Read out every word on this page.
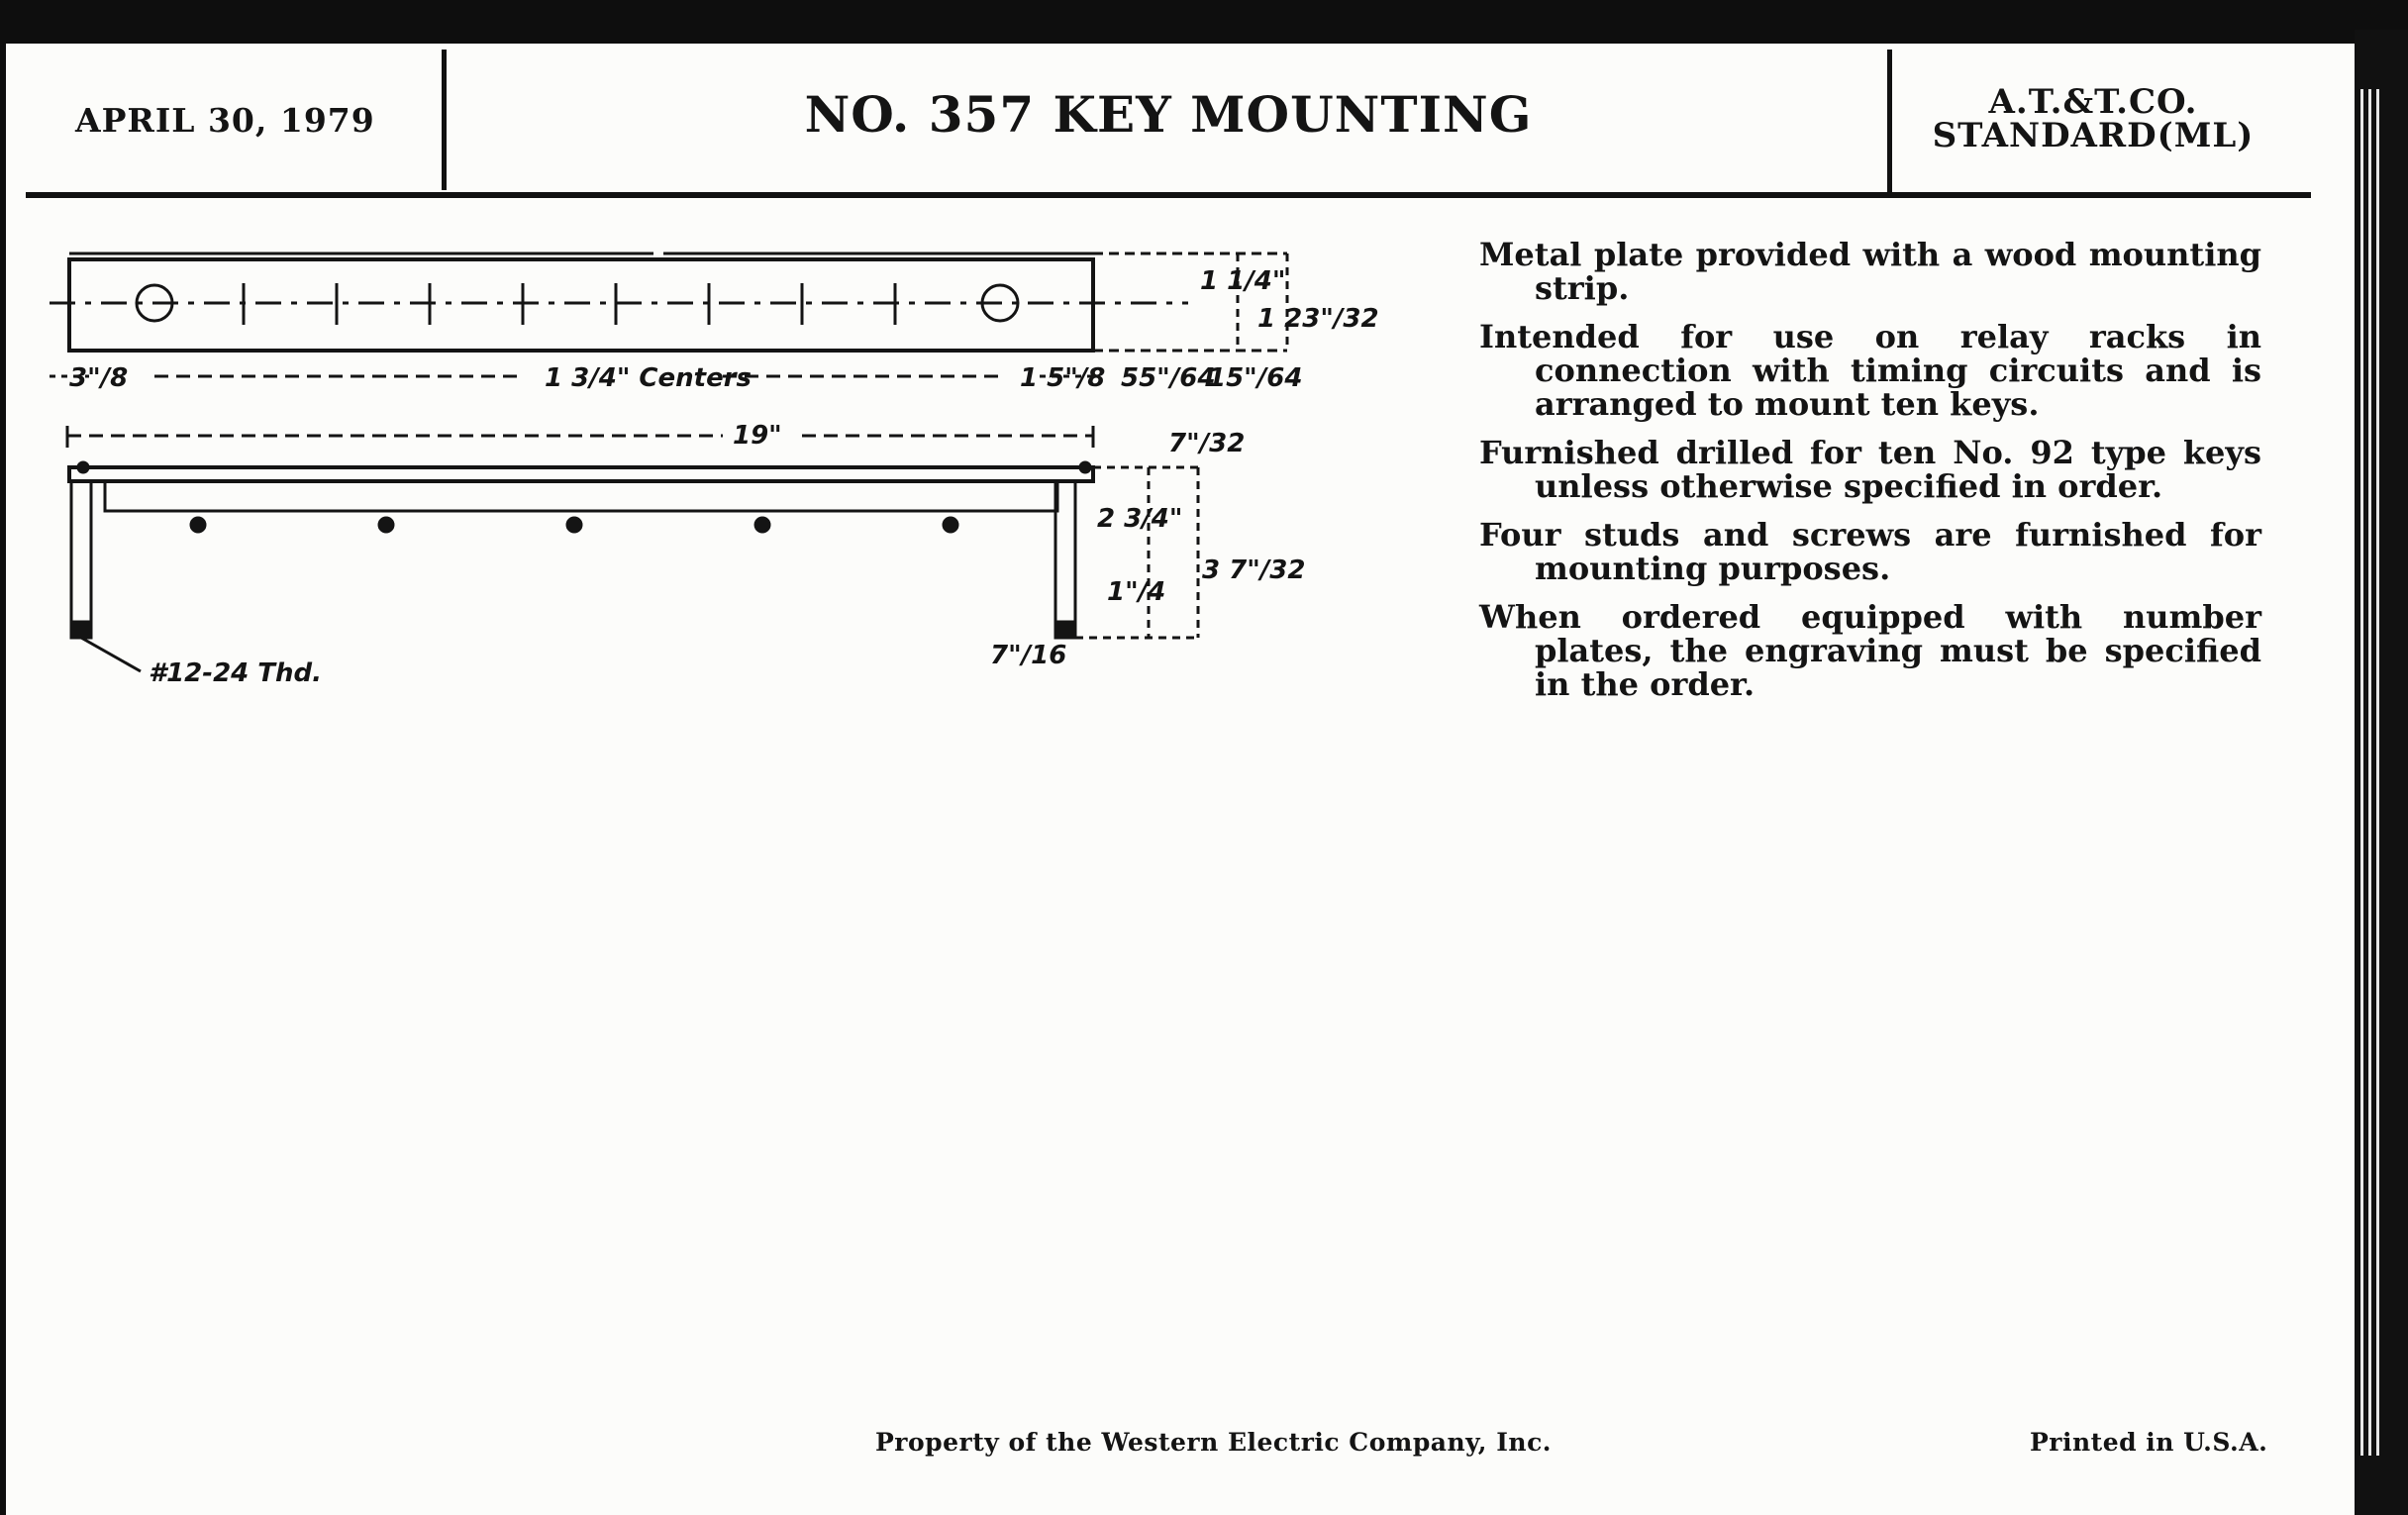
APRIL 30, 1979	NO. 357 KEY MOUNTING	A.T.&T.CO.
STANDARD(ML)
3"/8	1 3/4" Centers	1 5"/8
19"
55"/64
15"/64
1 1/4"
1 23"/32
7"/32
2 3/4"
1"/4
3 7"/32
7"/16
#12-24 Thd.

Metal plate provided with a wood mounting strip.

Intended for use on relay racks in connection with timing circuits and is arranged to mount ten keys.

Furnished drilled for ten No. 92 type keys unless otherwise specified in order.

Four studs and screws are furnished for mounting purposes.

When ordered equipped with number plates, the engraving must be specified in the order.

Property of the Western Electric Company, Inc.	Printed in U.S.A.
